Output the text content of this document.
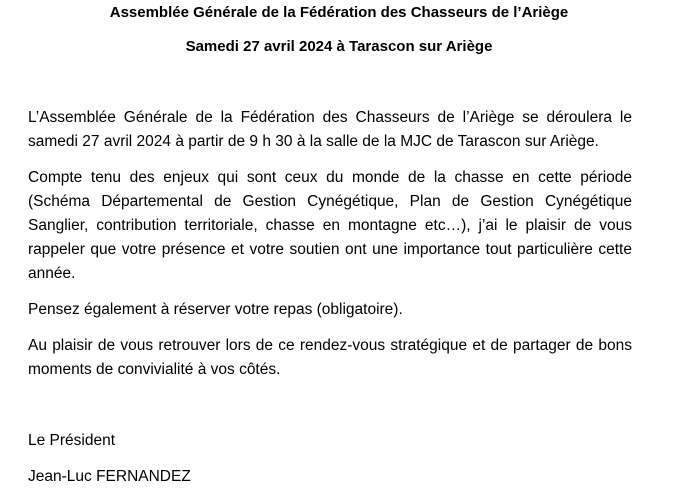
Assemblée Générale de la Fédération des Chasseurs de l’Ariège
Samedi 27 avril 2024 à Tarascon sur Ariège

L’Assemblée Générale de la Fédération des Chasseurs de l’Ariège se déroulera le samedi 27 avril 2024 à partir de 9 h 30 à la salle de la MJC de Tarascon sur Ariège.

Compte tenu des enjeux qui sont ceux du monde de la chasse en cette période (Schéma Départemental de Gestion Cynégétique, Plan de Gestion Cynégétique Sanglier, contribution territoriale, chasse en montagne etc…), j’ai le plaisir de vous rappeler que votre présence et votre soutien ont une importance tout particulière cette année.

Pensez également à réserver votre repas (obligatoire).

Au plaisir de vous retrouver lors de ce rendez-vous stratégique et de partager de bons moments de convivialité à vos côtés.

Le Président

Jean-Luc FERNANDEZ
